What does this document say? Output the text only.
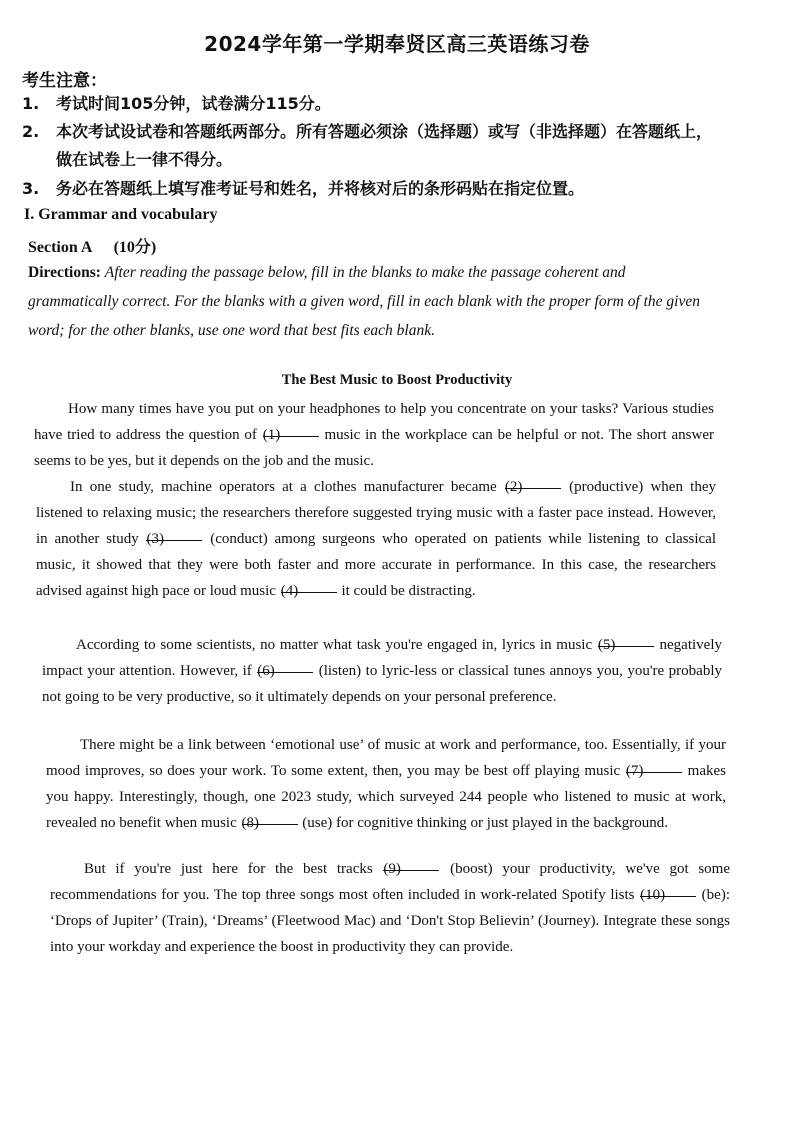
2024学年第一学期奉贤区高三英语练习卷
考生注意：
1. 考试时间105分钟，试卷满分115分。
2.	本次考试设试卷和答题纸两部分。所有答题必须涂（选择题）或写（非选择题）在答题纸上，做在试卷上一律不得分。
3. 务必在答题纸上填写准考证号和姓名，并将核对后的条形码贴在指定位置。
I. Grammar and vocabulary
Section A (10分)
Directions: After reading the passage below, fill in the blanks to make the passage coherent and grammatically correct. For the blanks with a given word, fill in each blank with the proper form of the given word; for the other blanks, use one word that best fits each blank.
The Best Music to Boost Productivity
How many times have you put on your headphones to help you concentrate on your tasks? Various studies have tried to address the question of (1)	music in the workplace can be helpful or not. The short answer seems to be yes, but it depends on the job and the music.
In one study, machine operators at a clothes manufacturer became (2)	(productive) when they listened to relaxing music; the researchers therefore suggested trying music with a faster pace instead. However, in another study (3)	(conduct) among surgeons who operated on patients while listening to classical music, it showed that they were both faster and more accurate in performance. In this case, the researchers advised against high pace or loud music (4)	it could be distracting.
According to some scientists, no matter what task you're engaged in, lyrics in music (5)	negatively impact your attention. However, if (6)	(listen) to lyric-less or classical tunes annoys you, you're probably not going to be very productive, so it ultimately depends on your personal preference.
There might be a link between ‘emotional use’ of music at work and performance, too. Essentially, if your mood improves, so does your work. To some extent, then, you may be best off playing music (7)	makes you happy. Interestingly, though, one 2023 study, which surveyed 244 people who listened to music at work, revealed no benefit when music (8)	(use) for cognitive thinking or just played in the background.
But if you're just here for the best tracks (9)	(boost) your productivity, we've got some recommendations for you. The top three songs most often included in work-related Spotify lists (10) (be): ‘Drops of Jupiter’ (Train), ‘Dreams’ (Fleetwood Mac) and ‘Don't Stop Believin’ (Journey). Integrate these songs into your workday and experience the boost in productivity they can provide.
